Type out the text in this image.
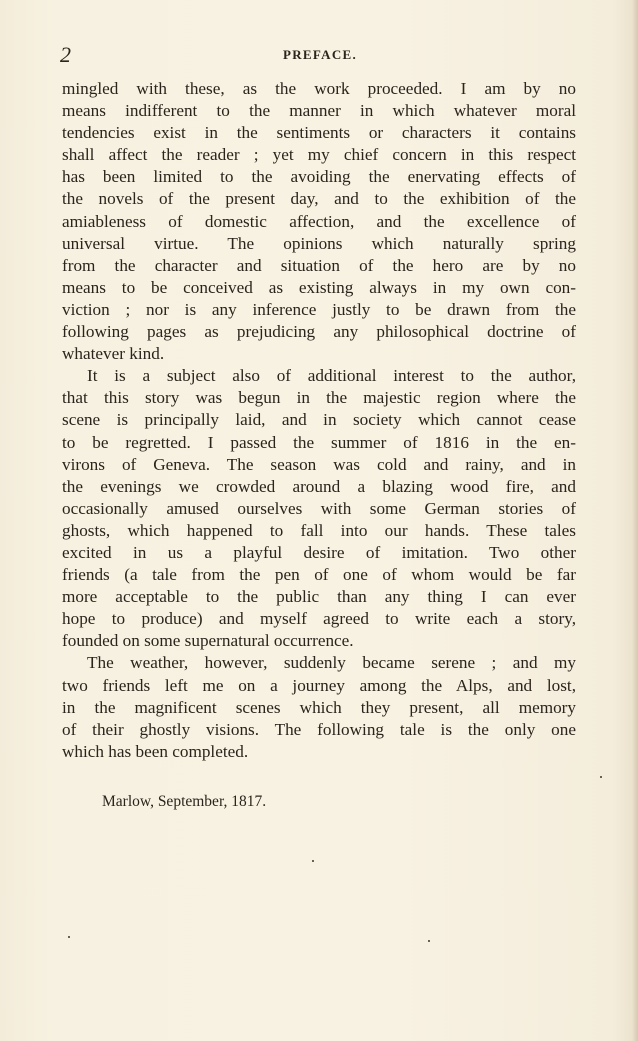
2	PREFACE.
mingled with these, as the work proceeded. I am by no
means indifferent to the manner in which whatever moral
tendencies exist in the sentiments or characters it contains
shall affect the reader ; yet my chief concern in this respect
has been limited to the avoiding the enervating effects of
the novels of the present day, and to the exhibition of the
amiableness of domestic affection, and the excellence of
universal virtue. The opinions which naturally spring
from the character and situation of the hero are by no
means to be conceived as existing always in my own con-
viction ; nor is any inference justly to be drawn from the
following pages as prejudicing any philosophical doctrine of
whatever kind.
It is a subject also of additional interest to the author,
that this story was begun in the majestic region where the
scene is principally laid, and in society which cannot cease
to be regretted. I passed the summer of 1816 in the en-
virons of Geneva. The season was cold and rainy, and in
the evenings we crowded around a blazing wood fire, and
occasionally amused ourselves with some German stories of
ghosts, which happened to fall into our hands. These tales
excited in us a playful desire of imitation. Two other
friends (a tale from the pen of one of whom would be far
more acceptable to the public than any thing I can ever
hope to produce) and myself agreed to write each a story,
founded on some supernatural occurrence.
The weather, however, suddenly became serene ; and my
two friends left me on a journey among the Alps, and lost,
in the magnificent scenes which they present, all memory
of their ghostly visions. The following tale is the only one
which has been completed.
Marlow, September, 1817.
